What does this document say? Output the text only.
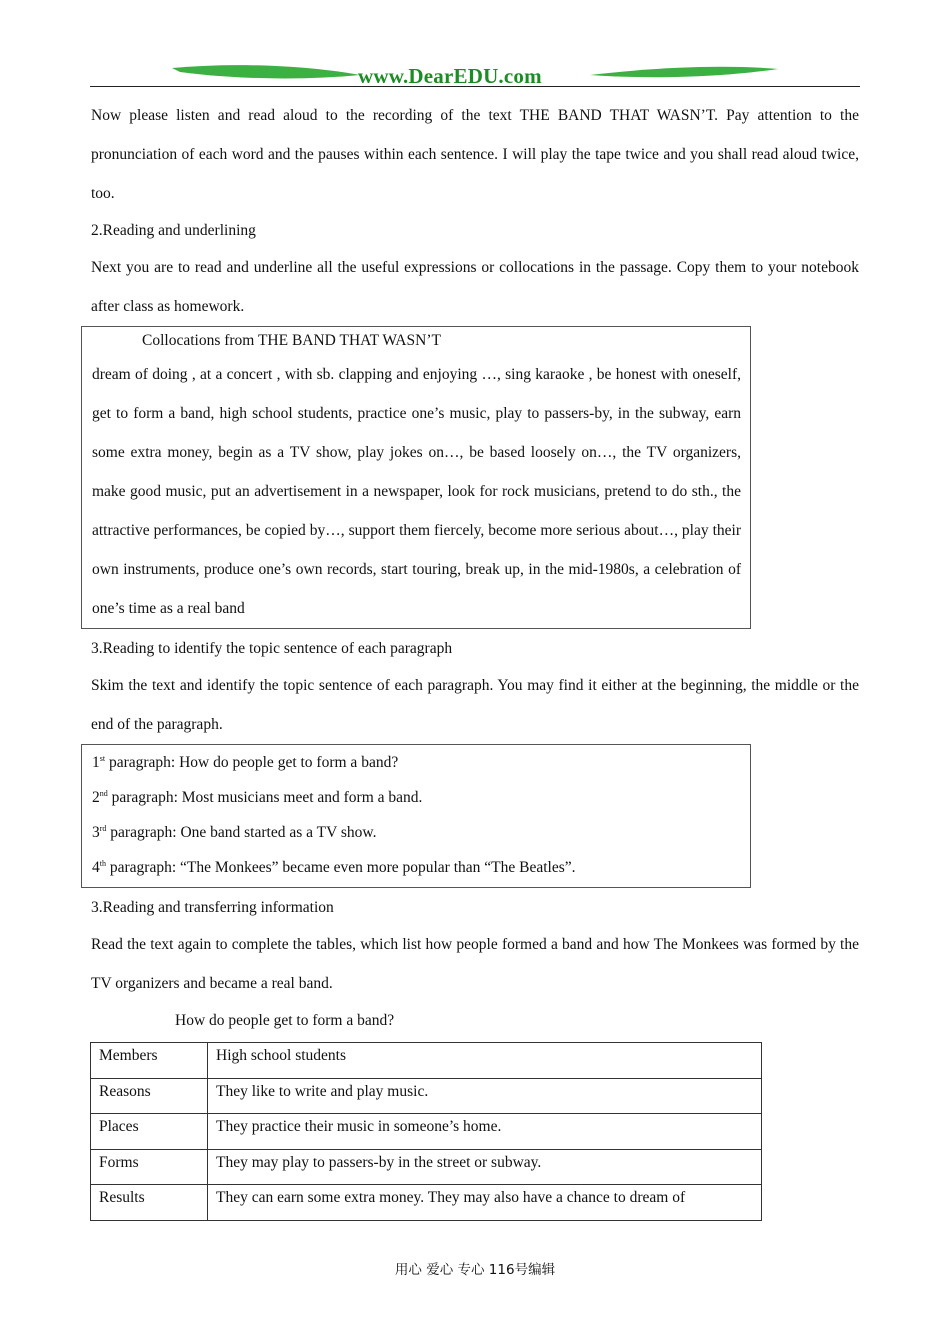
www.DearEDU.com

Now please listen and read aloud to the recording of the text THE BAND THAT WASN’T. Pay attention to the pronunciation of each word and the pauses within each sentence. I will play the tape twice and you shall read aloud twice, too.

2.Reading and underlining

Next you are to read and underline all the useful expressions or collocations in the passage. Copy them to your notebook after class as homework.

Collocations from THE BAND THAT WASN’T

dream of doing , at a concert , with sb. clapping and enjoying …, sing karaoke , be honest with oneself, get to form a band, high school students, practice one’s music, play to passers-by, in the subway, earn some extra money, begin as a TV show, play jokes on…, be based loosely on…, the TV organizers, make good music, put an advertisement in a newspaper, look for rock musicians, pretend to do sth., the attractive performances, be copied by…, support them fiercely, become more serious about…, play their own instruments, produce one’s own records, start touring, break up, in the mid-1980s, a celebration of one’s time as a real band

3.Reading to identify the topic sentence of each paragraph

Skim the text and identify the topic sentence of each paragraph. You may find it either at the beginning, the middle or the end of the paragraph.

1st paragraph: How do people get to form a band?
2nd paragraph: Most musicians meet and form a band.
3rd paragraph: One band started as a TV show.
4th paragraph: “The Monkees” became even more popular than “The Beatles”.

3.Reading and transferring information

Read the text again to complete the tables, which list how people formed a band and how The Monkees was formed by the TV organizers and became a real band.

How do people get to form a band?

Members	High school students
Reasons	They like to write and play music.
Places	They practice their music in someone’s home.
Forms	They may play to passers-by in the street or subway.
Results	They can earn some extra money. They may also have a chance to dream of
用心 爱心 专心 116号编辑
